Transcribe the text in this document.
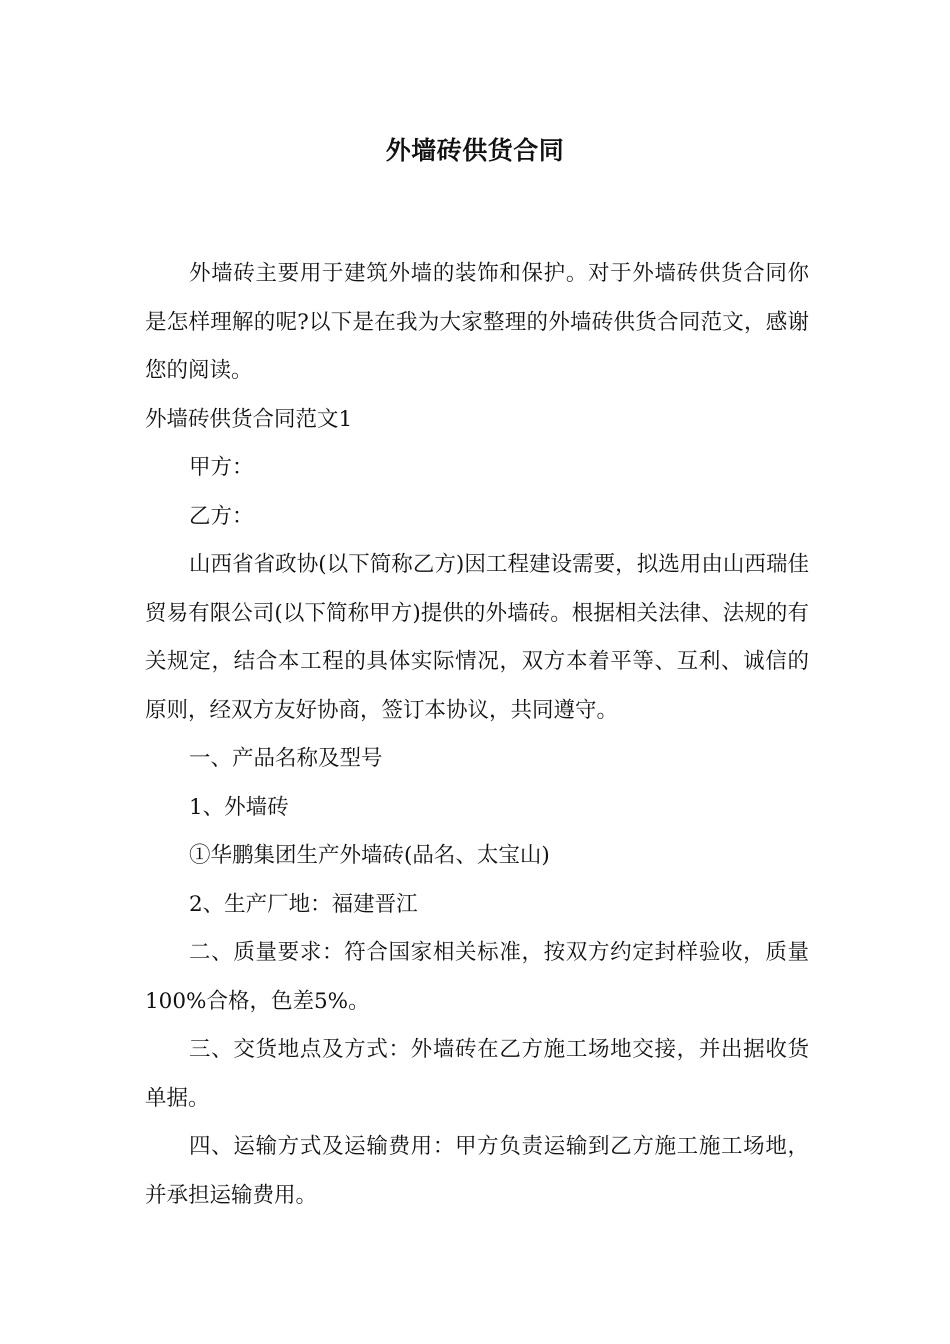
外墙砖供货合同

外墙砖主要用于建筑外墙的装饰和保护。对于外墙砖供货合同你是怎样理解的呢?以下是在我为大家整理的外墙砖供货合同范文，感谢您的阅读。

外墙砖供货合同范文1

甲方：

乙方：

山西省省政协(以下简称乙方)因工程建设需要，拟选用由山西瑞佳贸易有限公司(以下简称甲方)提供的外墙砖。根据相关法律、法规的有关规定，结合本工程的具体实际情况，双方本着平等、互利、诚信的原则，经双方友好协商，签订本协议，共同遵守。

一、产品名称及型号

1、外墙砖

①华鹏集团生产外墙砖(品名、太宝山)

2、生产厂地：福建晋江

二、质量要求：符合国家相关标准，按双方约定封样验收，质量100%合格，色差5%。

三、交货地点及方式：外墙砖在乙方施工场地交接，并出据收货单据。

四、运输方式及运输费用：甲方负责运输到乙方施工施工场地，并承担运输费用。
